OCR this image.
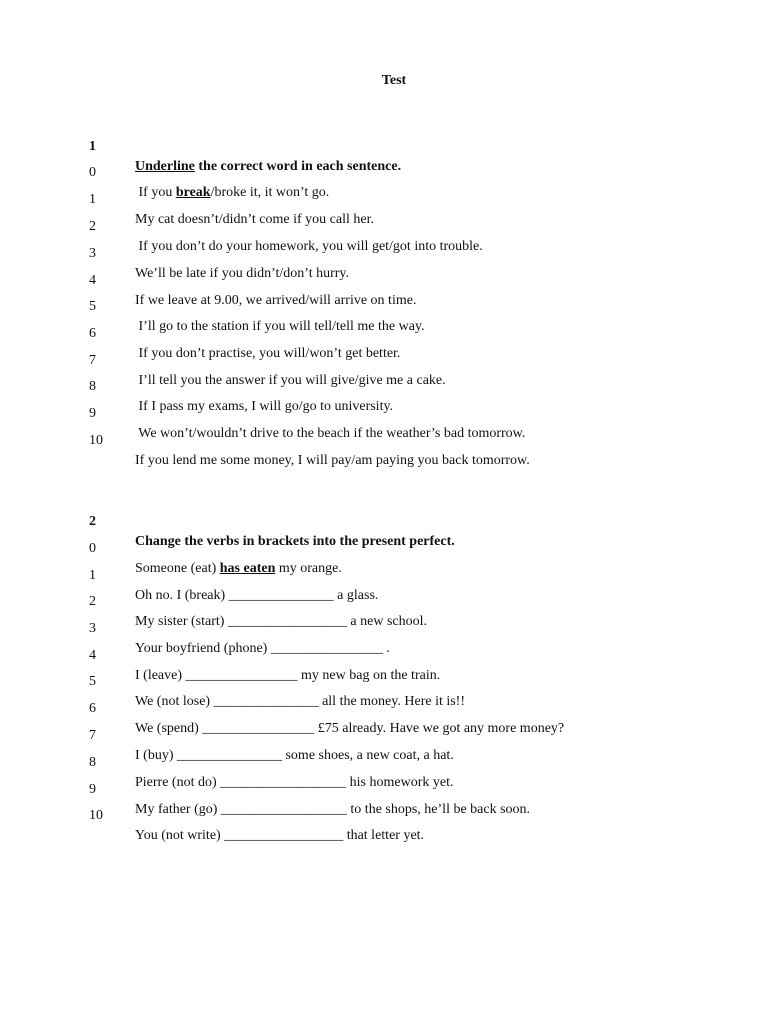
Test

1

Underline the correct word in each sentence.

0

If you break/broke it, it won’t go.

1

My cat doesn’t/didn’t come if you call her.

2

If you don’t do your homework, you will get/got into trouble.

3

We’ll be late if you didn’t/don’t hurry.

4

If we leave at 9.00, we arrived/will arrive on time.

5

I’ll go to the station if you will tell/tell me the way.

6

If you don’t practise, you will/won’t get better.

7

I’ll tell you the answer if you will give/give me a cake.

8

If I pass my exams, I will go/go to university.

9

We won’t/wouldn’t drive to the beach if the weather’s bad tomorrow.

10

If you lend me some money, I will pay/am paying you back tomorrow.

2

Change the verbs in brackets into the present perfect.

0

Someone (eat) has eaten my orange.

1

Oh no. I (break) _______________ a glass.

2

My sister (start) _________________ a new school.

3

Your boyfriend (phone) ________________ .

4

I (leave) ________________ my new bag on the train.

5

We (not lose) _______________ all the money. Here it is!!

6

We (spend) ________________ £75 already. Have we got any more money?

7

I (buy) _______________ some shoes, a new coat, a hat.

8

Pierre (not do) __________________ his homework yet.

9

My father (go) __________________ to the shops, he’ll be back soon.

10

You (not write) _________________ that letter yet.
